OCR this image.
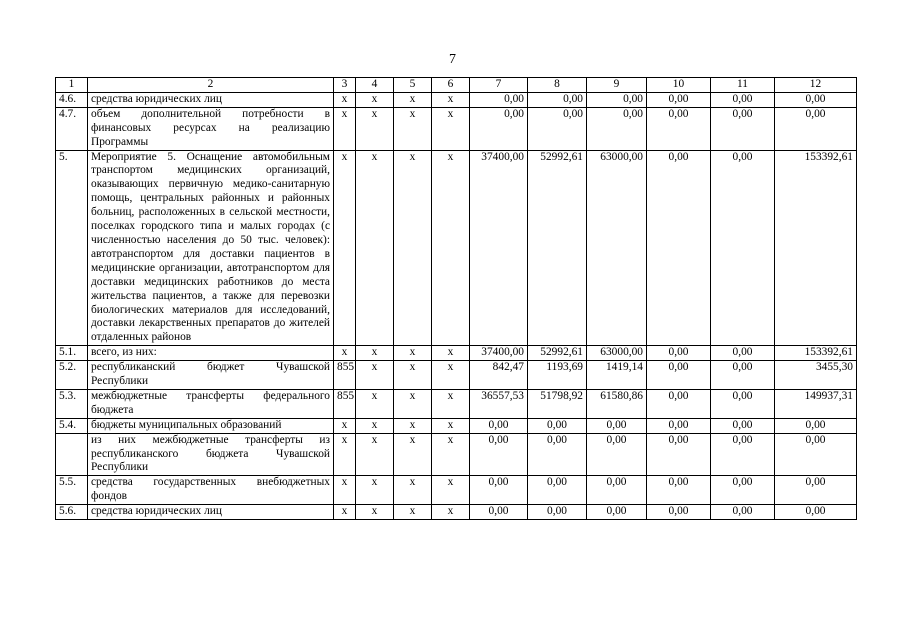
7
1	2	3	4	5	6	7	8	9	10	11	12
4.6.	средства юридических лиц	x	x	x	x	0,00	0,00	0,00	0,00	0,00	0,00
4.7.	объем дополнительной потребности в финансовых ресурсах на реализацию Программы	x	x	x	x	0,00	0,00	0,00	0,00	0,00	0,00
5.	Мероприятие 5. Оснащение автомобильным транспортом медицинских организаций, оказывающих первичную медико-санитарную помощь, центральных районных и районных больниц, расположенных в сельской местности, поселках городского типа и малых городах (с численностью населения до 50 тыс. человек): автотранспортом для доставки пациентов в медицинские организации, автотранспортом для доставки медицинских работников до места жительства пациентов, а также для перевозки биологических материалов для исследований, доставки лекарственных препаратов до жителей отдаленных районов	x	x	x	x	37400,00	52992,61	63000,00	0,00	0,00	153392,61
5.1.	всего, из них:	x	x	x	x	37400,00	52992,61	63000,00	0,00	0,00	153392,61
5.2.	республиканский бюджет Чувашской Республики	855	x	x	x	842,47	1193,69	1419,14	0,00	0,00	3455,30
5.3.	межбюджетные трансферты федерального бюджета	855	x	x	x	36557,53	51798,92	61580,86	0,00	0,00	149937,31
5.4.	бюджеты муниципальных образований	x	x	x	x	0,00	0,00	0,00	0,00	0,00	0,00
	из них межбюджетные трансферты из республиканского бюджета Чувашской Республики	x	x	x	x	0,00	0,00	0,00	0,00	0,00	0,00
5.5.	средства государственных внебюджетных фондов	x	x	x	x	0,00	0,00	0,00	0,00	0,00	0,00
5.6.	средства юридических лиц	x	x	x	x	0,00	0,00	0,00	0,00	0,00	0,00
